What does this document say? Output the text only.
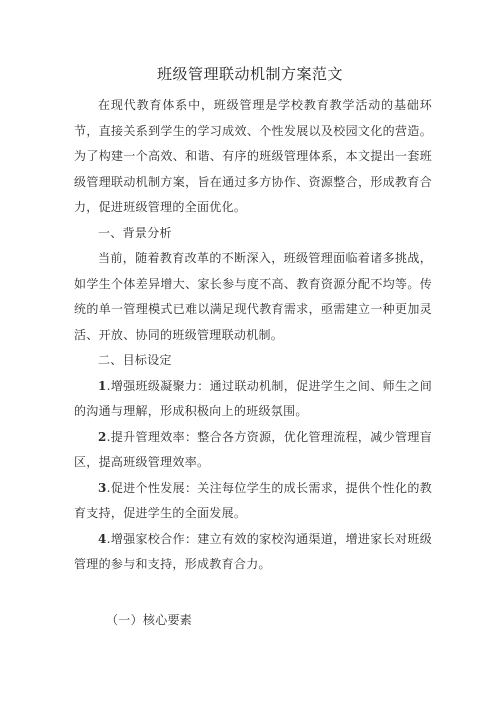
班级管理联动机制方案范文

在现代教育体系中，班级管理是学校教育教学活动的基础环节，直接关系到学生的学习成效、个性发展以及校园文化的营造。为了构建一个高效、和谐、有序的班级管理体系，本文提出一套班级管理联动机制方案，旨在通过多方协作、资源整合，形成教育合力，促进班级管理的全面优化。

一、背景分析

当前，随着教育改革的不断深入，班级管理面临着诸多挑战，如学生个体差异增大、家长参与度不高、教育资源分配不均等。传统的单一管理模式已难以满足现代教育需求，亟需建立一种更加灵活、开放、协同的班级管理联动机制。

二、目标设定

1.增强班级凝聚力：通过联动机制，促进学生之间、师生之间的沟通与理解，形成积极向上的班级氛围。

2.提升管理效率：整合各方资源，优化管理流程，减少管理盲区，提高班级管理效率。

3.促进个性发展：关注每位学生的成长需求，提供个性化的教育支持，促进学生的全面发展。

4.增强家校合作：建立有效的家校沟通渠道，增进家长对班级管理的参与和支持，形成教育合力。

（一）核心要素
